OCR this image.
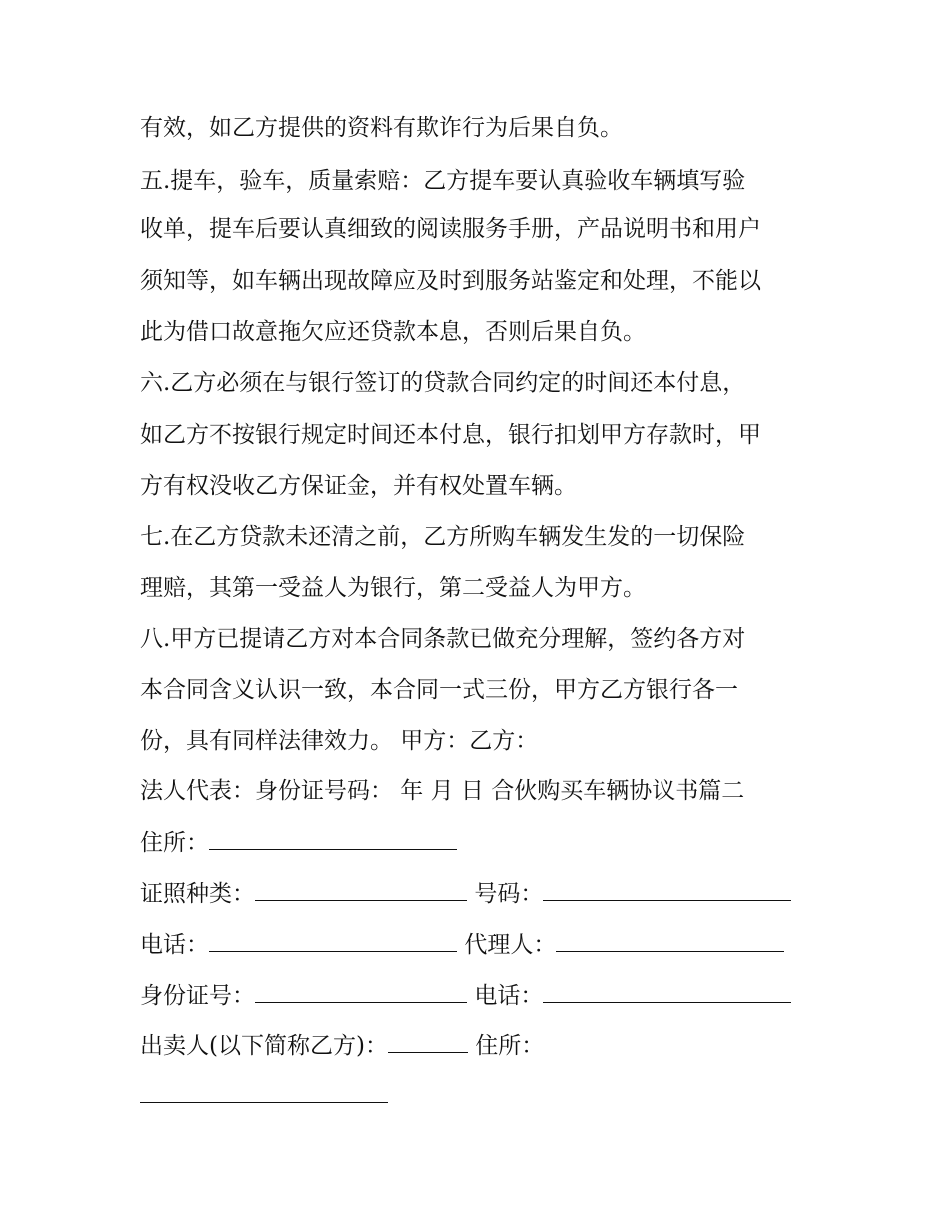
有效，如乙方提供的资料有欺诈行为后果自负。
五.提车，验车，质量索赔：乙方提车要认真验收车辆填写验
收单，提车后要认真细致的阅读服务手册，产品说明书和用户
须知等，如车辆出现故障应及时到服务站鉴定和处理，不能以
此为借口故意拖欠应还贷款本息，否则后果自负。
六.乙方必须在与银行签订的贷款合同约定的时间还本付息，
如乙方不按银行规定时间还本付息，银行扣划甲方存款时，甲
方有权没收乙方保证金，并有权处置车辆。
七.在乙方贷款未还清之前，乙方所购车辆发生发的一切保险
理赔，其第一受益人为银行，第二受益人为甲方。
八.甲方已提请乙方对本合同条款已做充分理解，签约各方对
本合同含义认识一致，本合同一式三份，甲方乙方银行各一
份，具有同样法律效力。 甲方：乙方：
法人代表：身份证号码： 年 月 日 合伙购买车辆协议书篇二
住所：
证照种类：	号码：
电话：	代理人：
身份证号：	电话：
出卖人(以下简称乙方)：	住所：
